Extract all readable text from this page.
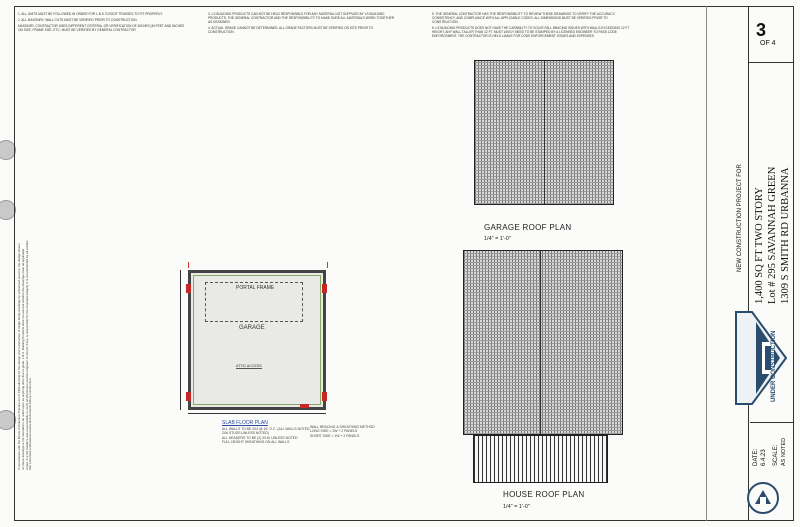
1. ALL UNITS MUST BE FOLLOWED IN ORDER FOR L.B.S.'S ROOF TRUSSES TO FIT PROPERLY.

2. ALL MASONRY, WALL CUTS MUST BE VERIFIED PRIOR TO CONSTRUCTION.

MASONRY, CONTRACTOR USES DIFFERENT CRITERIA, OR VERIFICATION OF INCHES (IN FEET AND INCHES ON SIZE, FRAME SIZE, ETC. MUST BE VERIFIED BY GENERAL CONTRACTOR

3. LS BUILDING PRODUCTS CAN NOT BE HELD RESPONSIBLE FOR ANY MATERIAL NOT SUPPLIED BY LS BUILDING PRODUCTS. THE GENERAL CONTRACTOR AND THE RESPONSIBILITY TO MAKE SURE ALL MATERIALS WORK TOGETHER AS DESIGNED

4. ACTUAL GRADE CANNOT BE DETERMINED. ALL GRADE FACTORS MUST BE VERIFIED ON SITE PRIOR TO CONSTRUCTION

5. THE GENERAL CONTRACTOR HAS THE RESPONSIBILITY TO REVIEW THESE DRAWINGS TO VERIFY THE ACCURACY, CONSISTENCY, AND COMPLIANCE WITH ALL APPLICABLE CODES. ALL DIMENSIONS MUST BE VERIFIED PRIOR TO CONSTRUCTION.

6. LS BUILDING PRODUCTS DOES NOT HAVE THE CAPABILITY TO SOLVE FALL BRACING ISSUES WITH WALLS EXCEEDING 12 FT HEIGHT. ANY WALL TALLER THAN 12 FT. MUST LIKELY NEED TO BE STAMPED BY A LICENSED ENGINEER TO PASS CODE ENFORCEMENT. THE CONTRACTOR IS HELD LIABLE FOR CODE ENFORCEMENT ISSUES AND EXPENSES

In accordance with the Illinois Architecture Practice Act of 1989 allowing for the design and construction of single family dwellings by unlicensed persons, the design shown on these drawings is not intended to be relied upon as anything other than a guide. L.B.S. Building Products does not warrant whether the drawings meet all applicable codes. It is the builder's sole responsibility to verify all information and the engineer of record, if any, is responsible for the structural integrity. It is recommended by all entities that a licensed professional review all documents before construction.
GARAGE ROOF PLAN
1/4" = 1'-0"
HOUSE ROOF PLAN
1/4" = 1'-0"
PORTAL FRAME
GARAGE
ATTIC ACCESS
SLAB FLOOR PLAN
ALL WALLS TO BE 2X4 @ 16" O.C. (ALL WALLS NOTED
2X6 STUDS UNLESS NOTED)
ALL HEADERS TO BE (2) 2X10 UNLESS NOTED
FULL HEIGHT SHEATHING ON ALL WALLS
WALL BRACING & SHEATHING METHOD
LONG SIDE = 2W + 2 PANELS
SHORT SIDE = 1W + 2 PANELS
3
OF 4
NEW CONSTRUCTION PROJECT FOR 1,400 SQ FT TWO STORY Lot # 295 SAVANNAH GREEN 1309 S SMITH RD URBANNA
UNDER CONSTRUCTION
DATE: 6.4.23 SCALE: AS NOTED
